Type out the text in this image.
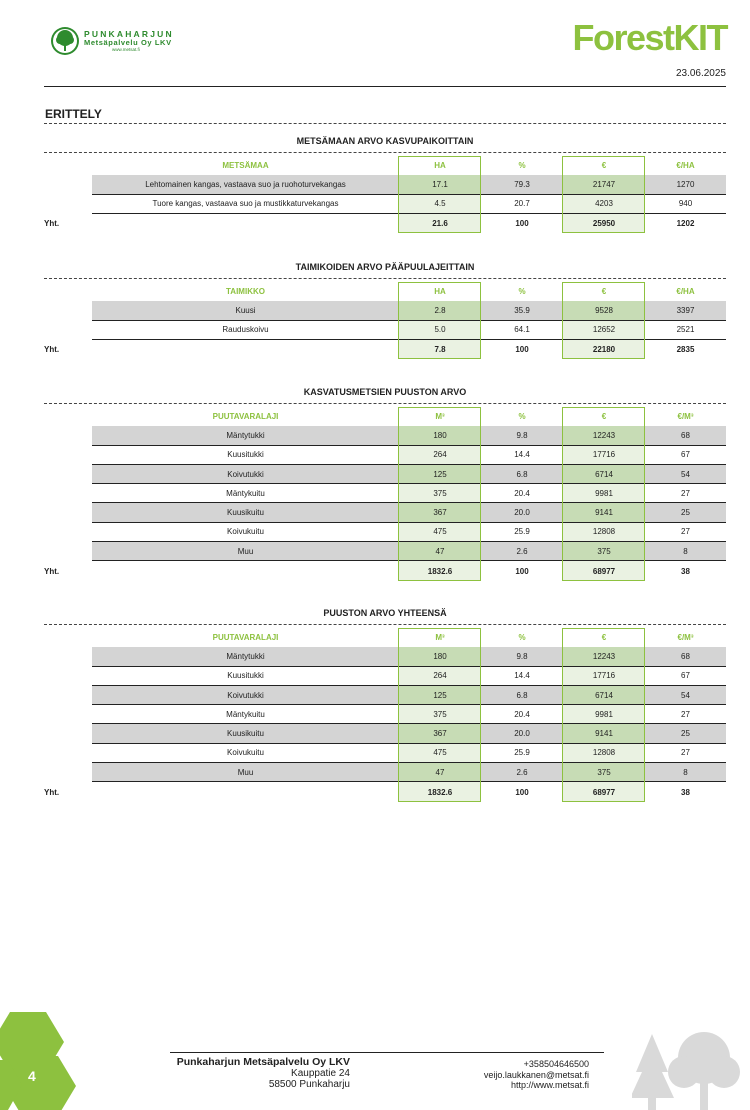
PUNKAHARJUN
Metsäpalvelu Oy LKV
www.metsat.fi	ForestKIT
23.06.2025
ERITTELY
METSÄMAAN ARVO KASVUPAIKOITTAIN
METSÄMAA	HA	%	€	€/HA
Lehtomainen kangas, vastaava suo ja ruohoturvekangas	17.1	79.3	21747	1270
Tuore kangas, vastaava suo ja mustikkaturvekangas	4.5	20.7	4203	940
Yht.	21.6	100	25950	1202
TAIMIKOIDEN ARVO PÄÄPUULAJEITTAIN
TAIMIKKO	HA	%	€	€/HA
Kuusi	2.8	35.9	9528	3397
Rauduskoivu	5.0	64.1	12652	2521
Yht.	7.8	100	22180	2835
KASVATUSMETSIEN PUUSTON ARVO
PUUTAVARALAJI	M³	%	€	€/M³
Mäntytukki	180	9.8	12243	68
Kuusitukki	264	14.4	17716	67
Koivutukki	125	6.8	6714	54
Mäntykuitu	375	20.4	9981	27
Kuusikuitu	367	20.0	9141	25
Koivukuitu	475	25.9	12808	27
Muu	47	2.6	375	8
Yht.	1832.6	100	68977	38
PUUSTON ARVO YHTEENSÄ
PUUTAVARALAJI	M³	%	€	€/M³
Mäntytukki	180	9.8	12243	68
Kuusitukki	264	14.4	17716	67
Koivutukki	125	6.8	6714	54
Mäntykuitu	375	20.4	9981	27
Kuusikuitu	367	20.0	9141	25
Koivukuitu	475	25.9	12808	27
Muu	47	2.6	375	8
Yht.	1832.6	100	68977	38
4
Punkaharjun Metsäpalvelu Oy LKV
Kauppatie 24
58500 Punkaharju
+358504646500
veijo.laukkanen@metsat.fi
http://www.metsat.fi
